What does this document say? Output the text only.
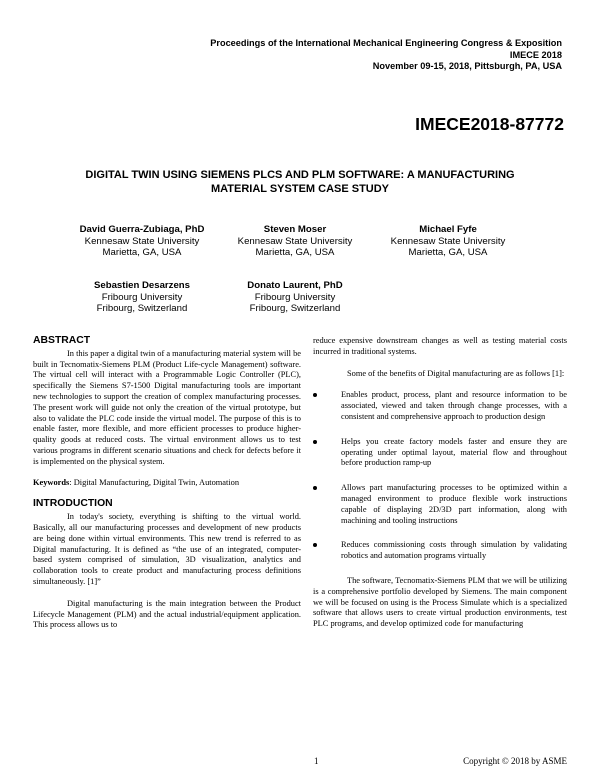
Proceedings of the International Mechanical Engineering Congress & Exposition
IMECE 2018
November 09-15, 2018, Pittsburgh, PA, USA
IMECE2018-87772
DIGITAL TWIN USING SIEMENS PLCS AND PLM SOFTWARE: A MANUFACTURING
MATERIAL SYSTEM CASE STUDY
David Guerra-Zubiaga, PhD
Kennesaw State University
Marietta, GA, USA
Steven Moser
Kennesaw State University
Marietta, GA, USA
Michael Fyfe
Kennesaw State University
Marietta, GA, USA
Sebastien Desarzens
Fribourg University
Fribourg, Switzerland
Donato Laurent, PhD
Fribourg University
Fribourg, Switzerland
ABSTRACT

In this paper a digital twin of a manufacturing material system will be built in Tecnomatix-Siemens PLM (Product Life-cycle Management) software. The virtual cell will interact with a Programmable Logic Controller (PLC), specifically the Siemens S7-1500 Digital manufacturing tools are important new technologies to support the creation of complex manufacturing processes. The present work will guide not only the creation of the virtual prototype, but also to validate the PLC code inside the virtual model. The purpose of this is to enable faster, more flexible, and more efficient processes to produce higher-quality goods at reduced costs. The virtual environment allows us to test various programs in different scenario situations and check for defects before it is implemented on the physical system.

Keywords: Digital Manufacturing, Digital Twin, Automation

INTRODUCTION

In today's society, everything is shifting to the virtual world. Basically, all our manufacturing processes and development of new products are being done within virtual environments. This new trend is referred to as Digital manufacturing. It is defined as “the use of an integrated, computer-based system comprised of simulation, 3D visualization, analytics and collaboration tools to create product and manufacturing process definitions simultaneously. [1]”

Digital manufacturing is the main integration between the Product Lifecycle Management (PLM) and the actual industrial/equipment application. This process allows us to

reduce expensive downstream changes as well as testing material costs incurred in traditional systems.

Some of the benefits of Digital manufacturing are as follows [1]:

Enables product, process, plant and resource information to be associated, viewed and taken through change processes, with a consistent and comprehensive approach to production design
Helps you create factory models faster and ensure they are operating under optimal layout, material flow and throughout before production ramp-up
Allows part manufacturing processes to be optimized within a managed environment to produce flexible work instructions capable of displaying 2D/3D part information, along with machining and tooling instructions
Reduces commissioning costs through simulation by validating robotics and automation programs virtually

The software, Tecnomatix-Siemens PLM that we will be utilizing is a comprehensive portfolio developed by Siemens. The main component we will be focused on using is the Process Simulate which is a specialized software that allows users to create virtual production environments, test PLC programs, and develop optimized code for manufacturing

1	Copyright © 2018 by ASME
